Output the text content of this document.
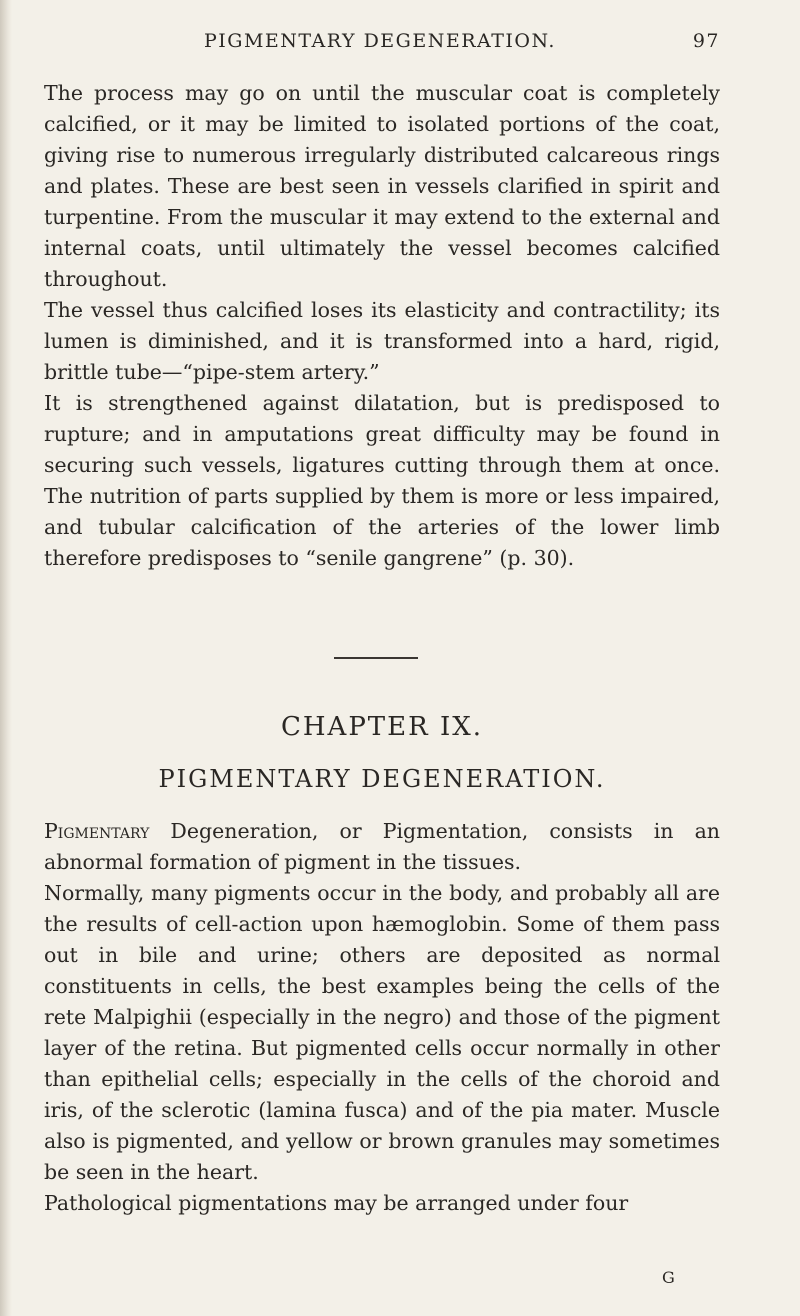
PIGMENTARY DEGENERATION.	97

The process may go on until the muscular coat is completely calcified, or it may be limited to isolated portions of the coat, giving rise to numerous irregularly distributed calcareous rings and plates. These are best seen in vessels clarified in spirit and turpentine. From the muscular it may extend to the external and internal coats, until ultimately the vessel becomes calcified throughout.

The vessel thus calcified loses its elasticity and contractility; its lumen is diminished, and it is transformed into a hard, rigid, brittle tube—“pipe-stem artery.”

It is strengthened against dilatation, but is predisposed to rupture; and in amputations great difficulty may be found in securing such vessels, ligatures cutting through them at once. The nutrition of parts supplied by them is more or less impaired, and tubular calcification of the arteries of the lower limb therefore predisposes to “senile gangrene” (p. 30).

CHAPTER IX.
PIGMENTARY DEGENERATION.

Pigmentary Degeneration, or Pigmentation, consists in an abnormal formation of pigment in the tissues.

Normally, many pigments occur in the body, and probably all are the results of cell-action upon hæmoglobin. Some of them pass out in bile and urine; others are deposited as normal constituents in cells, the best examples being the cells of the rete Malpighii (especially in the negro) and those of the pigment layer of the retina. But pigmented cells occur normally in other than epithelial cells; especially in the cells of the choroid and iris, of the sclerotic (lamina fusca) and of the pia mater. Muscle also is pigmented, and yellow or brown granules may sometimes be seen in the heart.

Pathological pigmentations may be arranged under four

G
